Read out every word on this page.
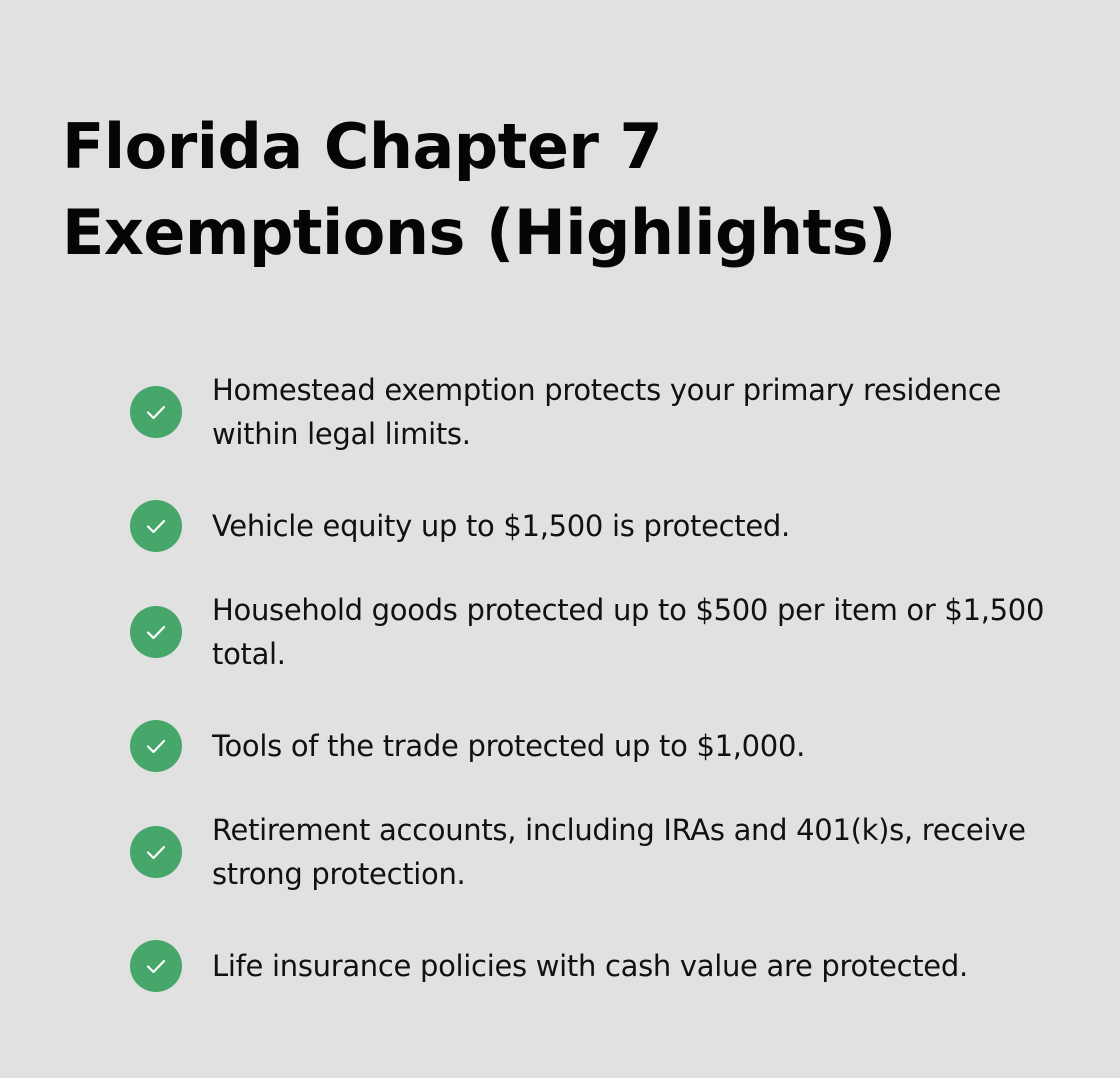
Florida Chapter 7 Exemptions (Highlights)
Homestead exemption protects your primary residence within legal limits.
Vehicle equity up to $1,500 is protected.
Household goods protected up to $500 per item or $1,500 total.
Tools of the trade protected up to $1,000.
Retirement accounts, including IRAs and 401(k)s, receive strong protection.
Life insurance policies with cash value are protected.
